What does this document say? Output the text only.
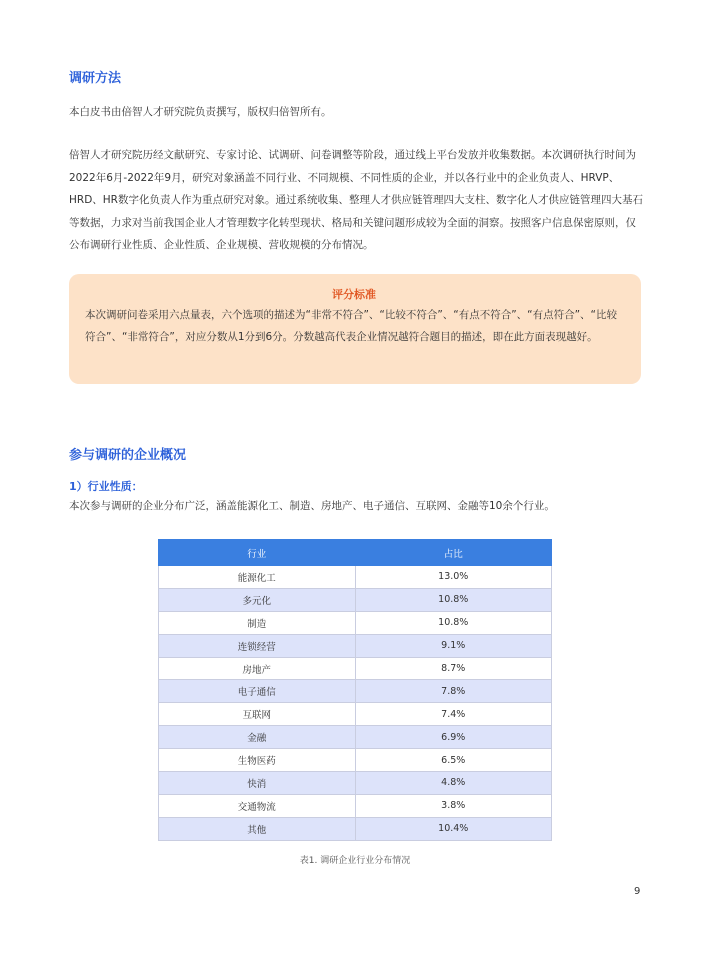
调研方法
本白皮书由倍智人才研究院负责撰写，版权归倍智所有。
倍智人才研究院历经文献研究、专家讨论、试调研、问卷调整等阶段，通过线上平台发放并收集数据。本次调研执行时间为2022年6月-2022年9月，研究对象涵盖不同行业、不同规模、不同性质的企业，并以各行业中的企业负责人、HRVP、HRD、HR数字化负责人作为重点研究对象。通过系统收集、整理人才供应链管理四大支柱、数字化人才供应链管理四大基石等数据，力求对当前我国企业人才管理数字化转型现状、格局和关键问题形成较为全面的洞察。按照客户信息保密原则，仅公布调研行业性质、企业性质、企业规模、营收规模的分布情况。
评分标准
本次调研问卷采用六点量表，六个选项的描述为“非常不符合”、“比较不符合”、“有点不符合”、“有点符合”、“比较符合”、“非常符合”，对应分数从1分到6分。分数越高代表企业情况越符合题目的描述，即在此方面表现越好。
参与调研的企业概况
1）行业性质：
本次参与调研的企业分布广泛，涵盖能源化工、制造、房地产、电子通信、互联网、金融等10余个行业。
行业	占比
能源化工	13.0%
多元化	10.8%
制造	10.8%
连锁经营	9.1%
房地产	8.7%
电子通信	7.8%
互联网	7.4%
金融	6.9%
生物医药	6.5%
快消	4.8%
交通物流	3.8%
其他	10.4%
表1. 调研企业行业分布情况
9
